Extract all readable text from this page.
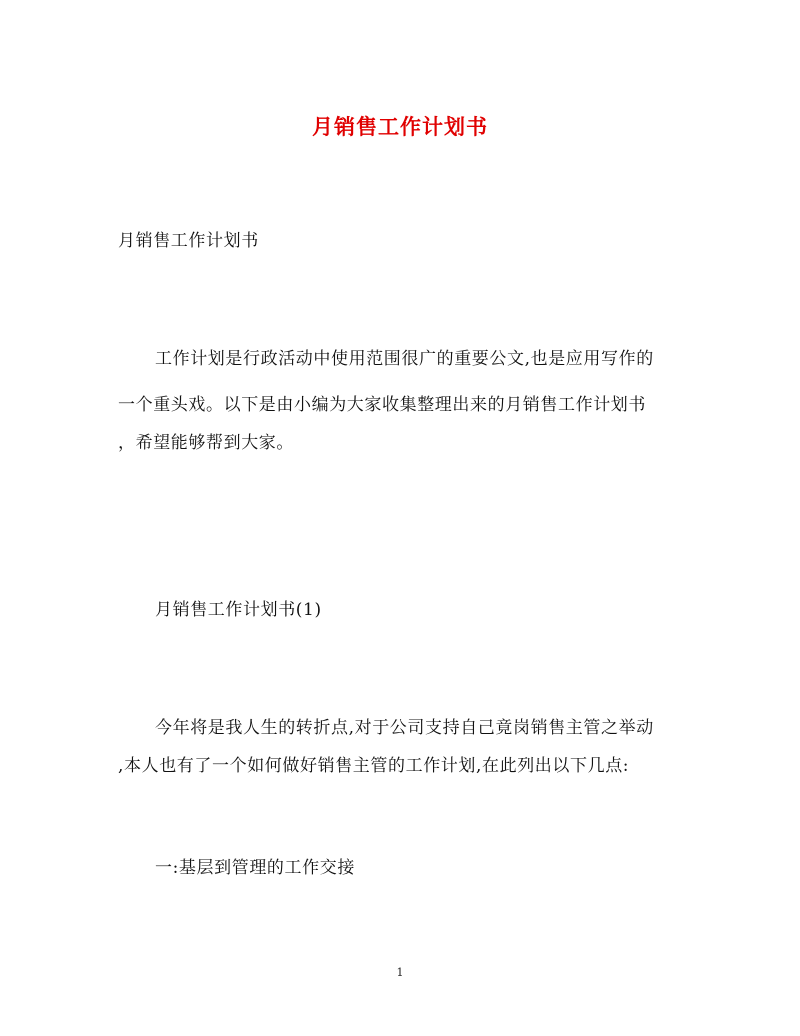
月销售工作计划书
月销售工作计划书
工作计划是行政活动中使用范围很广的重要公文,也是应用写作的
一个重头戏。以下是由小编为大家收集整理出来的月销售工作计划书
，希望能够帮到大家。
月销售工作计划书(1)
今年将是我人生的转折点,对于公司支持自己竟岗销售主管之举动
,本人也有了一个如何做好销售主管的工作计划,在此列出以下几点:
一:基层到管理的工作交接
1
